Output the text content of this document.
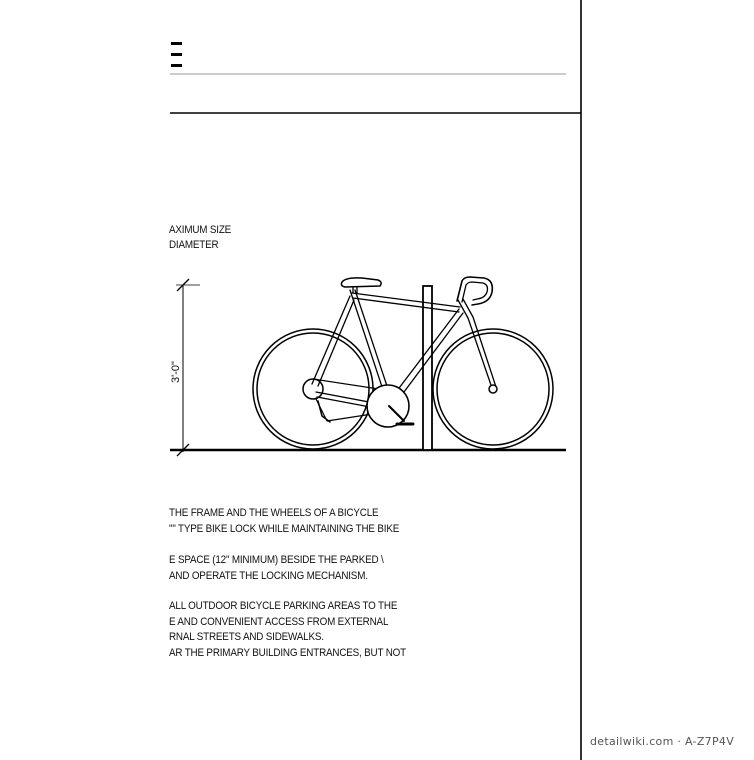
3'-0"
AXIMUM SIZE
DIAMETER
THE FRAME AND THE WHEELS OF A BICYCLE
"" TYPE BIKE LOCK WHILE MAINTAINING THE BIKE
E SPACE (12" MINIMUM) BESIDE THE PARKED \
AND OPERATE THE LOCKING MECHANISM.
ALL OUTDOOR BICYCLE PARKING AREAS TO THE
E AND CONVENIENT ACCESS FROM EXTERNAL
RNAL STREETS AND SIDEWALKS.
AR THE PRIMARY BUILDING ENTRANCES, BUT NOT
detailwiki.com · A-Z7P4V
